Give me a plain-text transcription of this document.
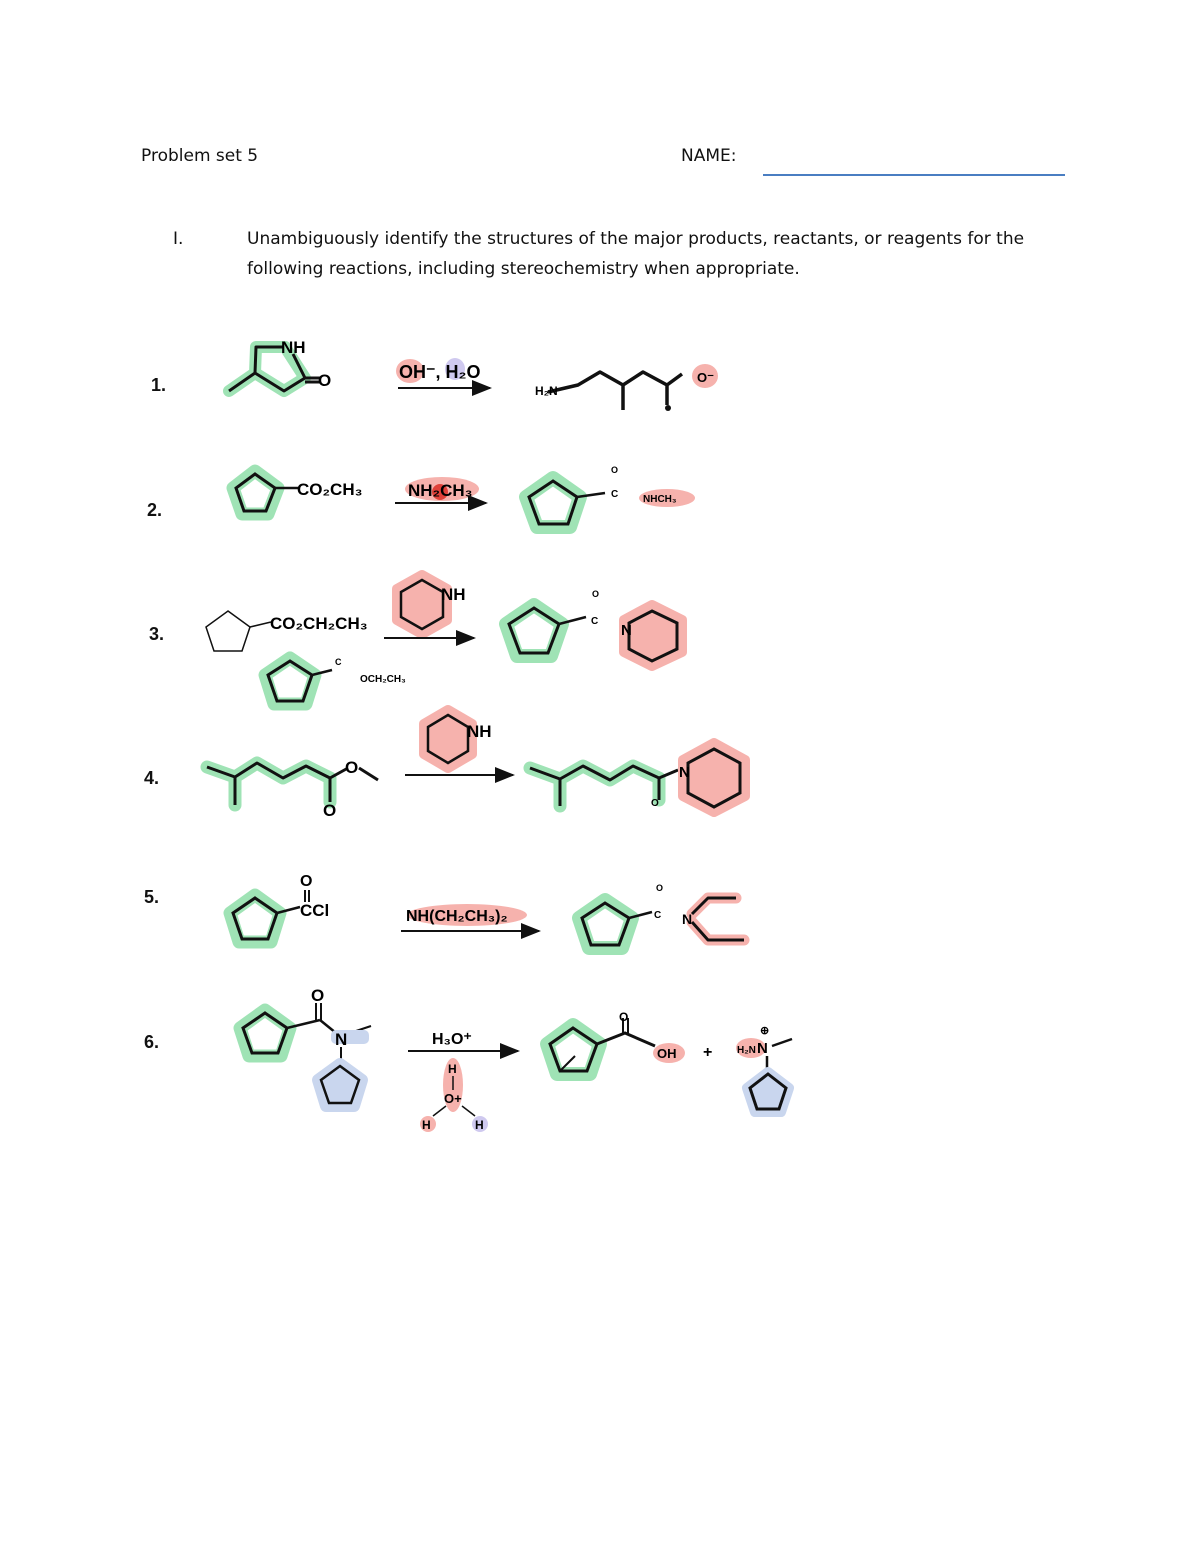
Problem set 5	NAME:
I.	Unambiguously identify the structures of the major products, reactants, or reagents for the
following reactions, including stereochemistry when appropriate.
1.
2.
3.
4.
5.
6.
NH
O	OH⁻, H₂O
H₂N
O⁻
CO₂CH₃	NH₂CH₃
O
C NHCH₃
CO₂CH₂CH₃
C
OCH₂CH₃
NH	O
C
N
O
O
NH
O
N
O
CCl	NH(CH₂CH₃)₂
O
C N
O
N	H₃O⁺
H
O+
H	H
O
OH + H₂N N
⊕
